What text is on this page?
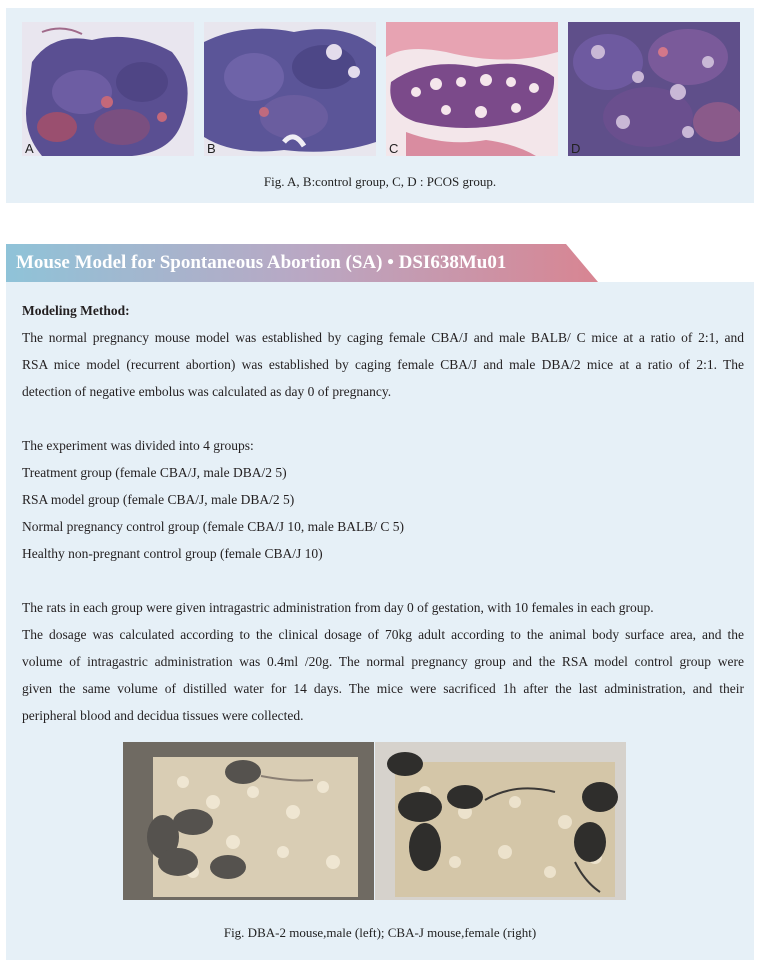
A	B	C	D
Fig. A, B:control group, C, D : PCOS group.
Mouse Model for Spontaneous Abortion (SA) • DSI638Mu01
Modeling Method:
The normal pregnancy mouse model was established by caging female CBA/J and male BALB/ C mice at a ratio of 2:1, and
RSA mice model (recurrent abortion) was established by caging female CBA/J and male DBA/2 mice at a ratio of 2:1. The
detection of negative embolus was calculated as day 0 of pregnancy.
The experiment was divided into 4 groups:
Treatment group (female CBA/J, male DBA/2 5)
RSA model group (female CBA/J, male DBA/2 5)
Normal pregnancy control group (female CBA/J 10, male BALB/ C 5)
Healthy non-pregnant control group (female CBA/J 10)
The rats in each group were given intragastric administration from day 0 of gestation, with 10 females in each group.
The dosage was calculated according to the clinical dosage of 70kg adult according to the animal body surface area, and the
volume of intragastric administration was 0.4ml /20g. The normal pregnancy group and the RSA model control group were
given the same volume of distilled water for 14 days. The mice were sacrificed 1h after the last administration, and their
peripheral blood and decidua tissues were collected.
Fig. DBA-2 mouse,male (left); CBA-J mouse,female (right)
